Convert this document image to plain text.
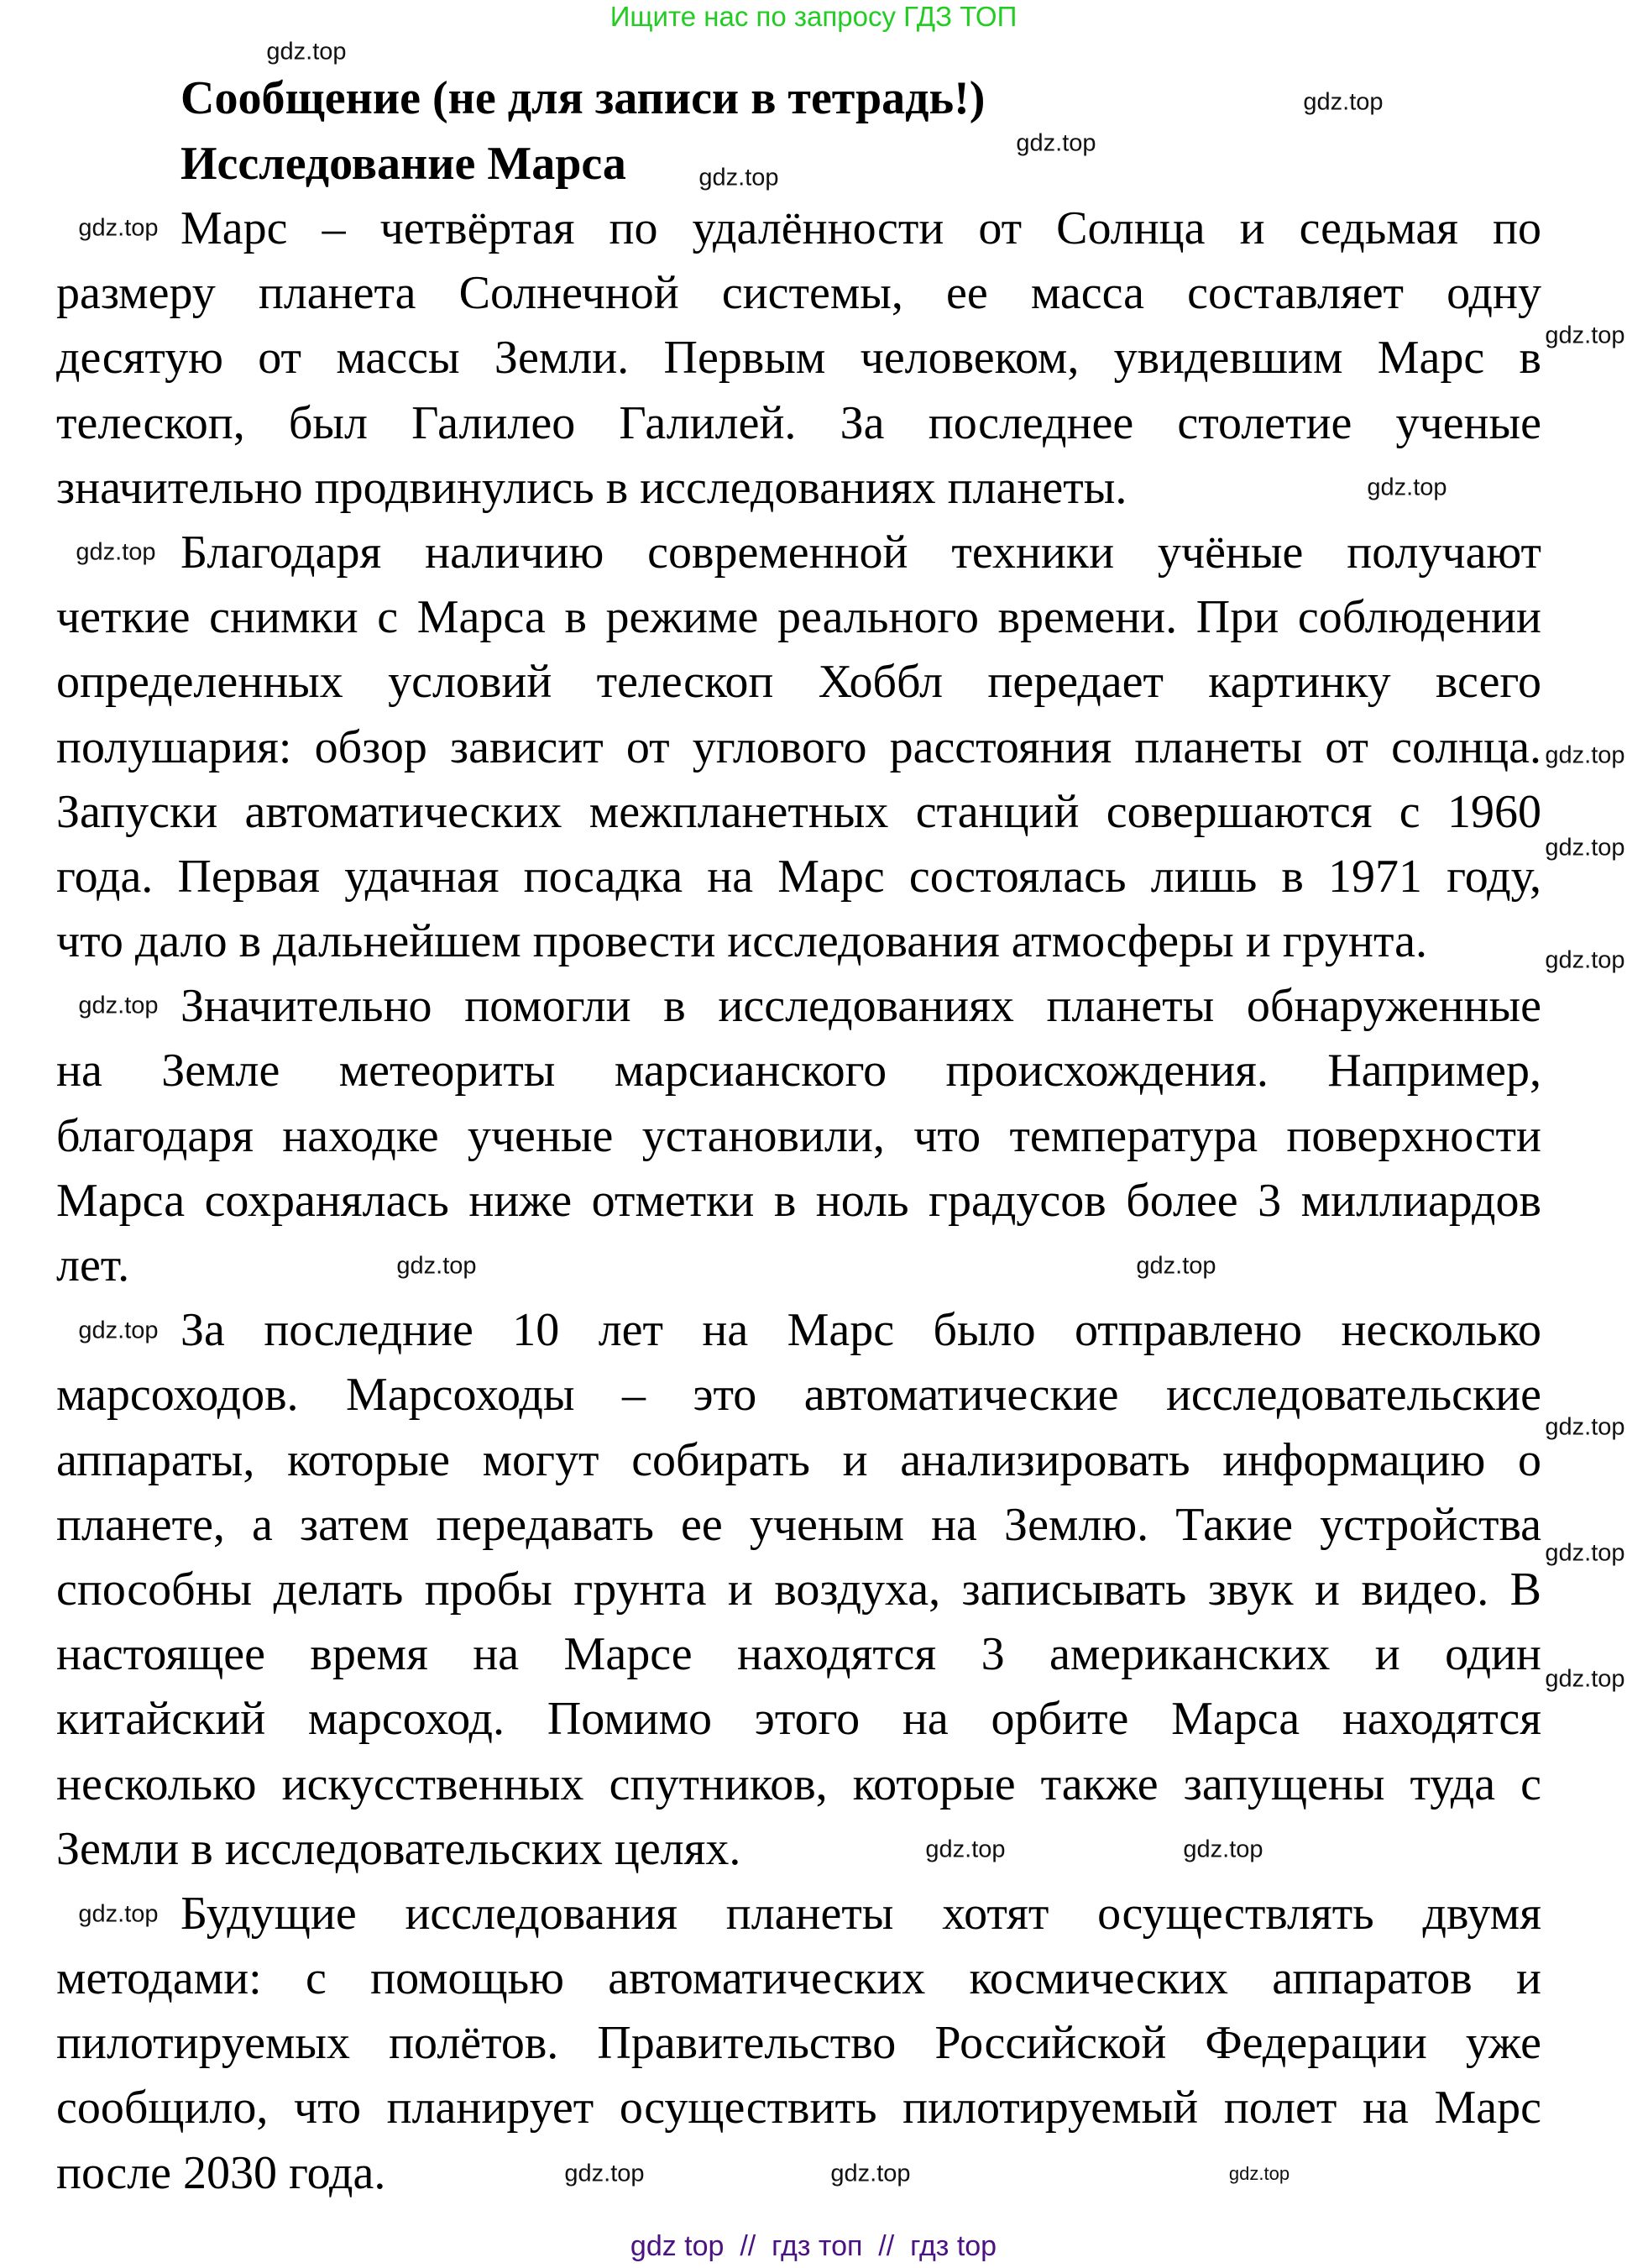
Ищите нас по запросу ГДЗ ТОП
Сообщение (не для записи в тетрадь!)
Исследование Марса
Марс – четвёртая по удалённости от Солнца и седьмая по
размеру планета Солнечной системы, ее масса составляет одну
десятую от массы Земли. Первым человеком, увидевшим Марс в
телескоп, был Галилео Галилей. За последнее столетие ученые
значительно продвинулись в исследованиях планеты.
Благодаря наличию современной техники учёные получают
четкие снимки с Марса в режиме реального времени. При соблюдении
определенных условий телескоп Хоббл передает картинку всего
полушария: обзор зависит от углового расстояния планеты от солнца.
Запуски автоматических межпланетных станций совершаются с 1960
года. Первая удачная посадка на Марс состоялась лишь в 1971 году,
что дало в дальнейшем провести исследования атмосферы и грунта.
Значительно помогли в исследованиях планеты обнаруженные
на Земле метеориты марсианского происхождения. Например,
благодаря находке ученые установили, что температура поверхности
Марса сохранялась ниже отметки в ноль градусов более 3 миллиардов
лет.
За последние 10 лет на Марс было отправлено несколько
марсоходов. Марсоходы – это автоматические исследовательские
аппараты, которые могут собирать и анализировать информацию о
планете, а затем передавать ее ученым на Землю. Такие устройства
способны делать пробы грунта и воздуха, записывать звук и видео. В
настоящее время на Марсе находятся 3 американских и один
китайский марсоход. Помимо этого на орбите Марса находятся
несколько искусственных спутников, которые также запущены туда с
Земли в исследовательских целях.
Будущие исследования планеты хотят осуществлять двумя
методами: с помощью автоматических космических аппаратов и
пилотируемых полётов. Правительство Российской Федерации уже
сообщило, что планирует осуществить пилотируемый полет на Марс
после 2030 года.
gdz.top
gdz.top
gdz.top
gdz.top
gdz.top
gdz.top
gdz.top
gdz.top
gdz.top
gdz.top
gdz.top
gdz.top
gdz.top
gdz.top
gdz.top
gdz.top
gdz.top
gdz.top
gdz.top
gdz.top
gdz.top
gdz.top
gdz.top
gdz.top
gdz top  //  гдз топ  //  гдз top
